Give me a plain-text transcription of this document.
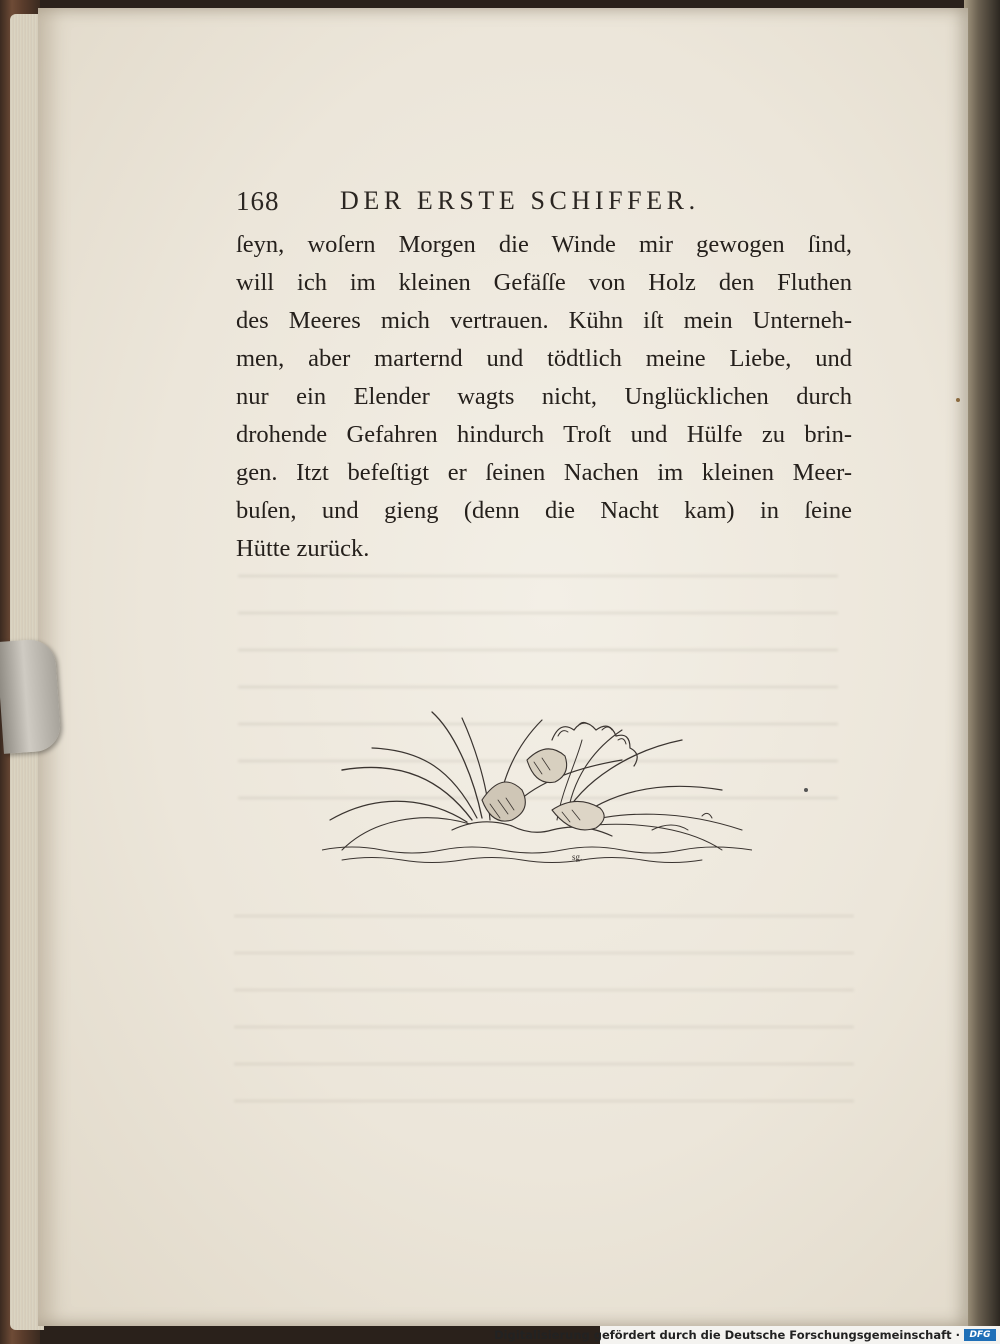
168 DER ERSTE SCHIFFER.
ſeyn, woſern Morgen die Winde mir gewogen ſind,
will ich im kleinen Gefäſſe von Holz den Fluthen
des Meeres mich vertrauen. Kühn iſt mein Unterneh-
men, aber marternd und tödtlich meine Liebe, und
nur ein Elender wagts nicht, Unglücklichen durch
drohende Gefahren hindurch Troſt und Hülfe zu brin-
gen. Itzt befeſtigt er ſeinen Nachen im kleinen Meer-
buſen, und gieng (denn die Nacht kam) in ſeine
Hütte zurück.
sg.
Digitalisierung gefördert durch die Deutsche Forschungsgemeinschaft ·	DFG
